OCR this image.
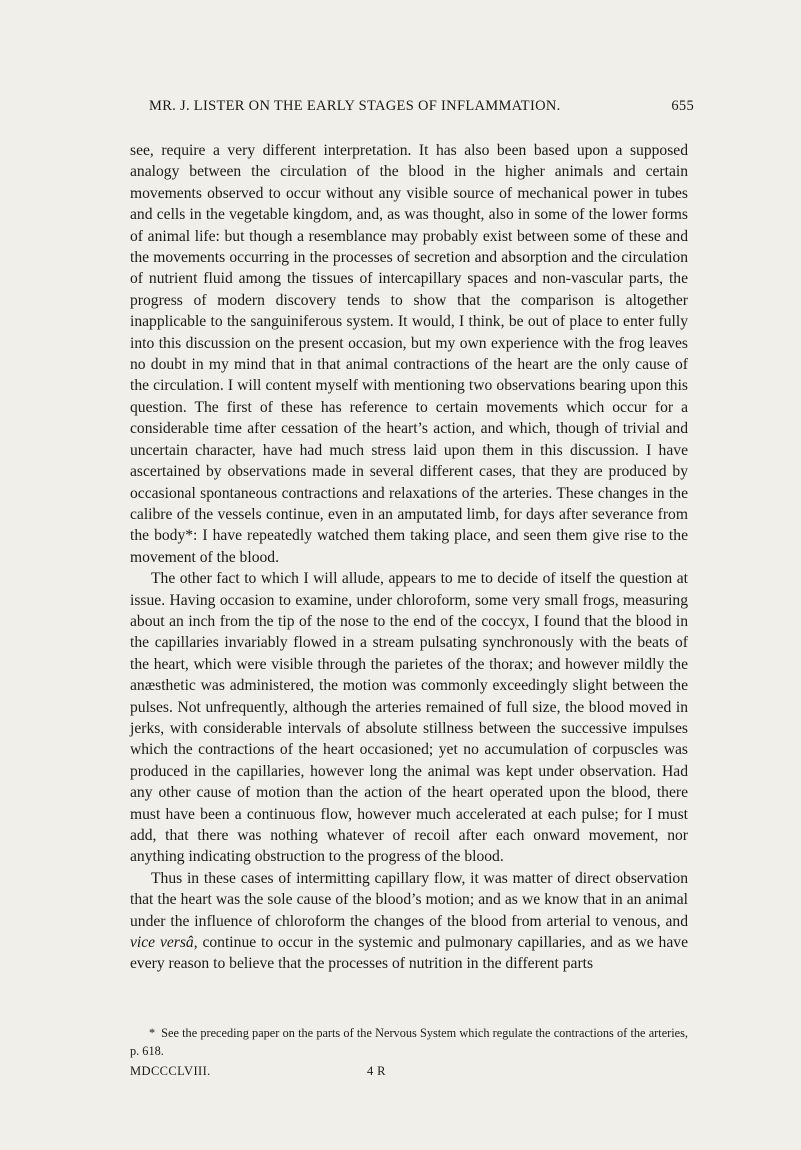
MR. J. LISTER ON THE EARLY STAGES OF INFLAMMATION.	655

see, require a very different interpretation. It has also been based upon a supposed analogy between the circulation of the blood in the higher animals and certain movements observed to occur without any visible source of mechanical power in tubes and cells in the vegetable kingdom, and, as was thought, also in some of the lower forms of animal life: but though a resemblance may probably exist between some of these and the movements occurring in the processes of secretion and absorption and the circulation of nutrient fluid among the tissues of intercapillary spaces and non-vascular parts, the progress of modern discovery tends to show that the comparison is altogether inapplicable to the sanguiniferous system. It would, I think, be out of place to enter fully into this discussion on the present occasion, but my own experience with the frog leaves no doubt in my mind that in that animal contractions of the heart are the only cause of the circulation. I will content myself with mentioning two observations bearing upon this question. The first of these has reference to certain movements which occur for a considerable time after cessation of the heart’s action, and which, though of trivial and uncertain character, have had much stress laid upon them in this discussion. I have ascertained by observations made in several different cases, that they are produced by occasional spontaneous contractions and relaxations of the arteries. These changes in the calibre of the vessels continue, even in an amputated limb, for days after severance from the body*: I have repeatedly watched them taking place, and seen them give rise to the movement of the blood.

The other fact to which I will allude, appears to me to decide of itself the question at issue. Having occasion to examine, under chloroform, some very small frogs, measuring about an inch from the tip of the nose to the end of the coccyx, I found that the blood in the capillaries invariably flowed in a stream pulsating synchronously with the beats of the heart, which were visible through the parietes of the thorax; and however mildly the anæsthetic was administered, the motion was commonly exceedingly slight between the pulses. Not unfrequently, although the arteries remained of full size, the blood moved in jerks, with considerable intervals of absolute stillness between the successive impulses which the contractions of the heart occasioned; yet no accumulation of corpuscles was produced in the capillaries, however long the animal was kept under observation. Had any other cause of motion than the action of the heart operated upon the blood, there must have been a continuous flow, however much accelerated at each pulse; for I must add, that there was nothing whatever of recoil after each onward movement, nor anything indicating obstruction to the progress of the blood.

Thus in these cases of intermitting capillary flow, it was matter of direct observation that the heart was the sole cause of the blood’s motion; and as we know that in an animal under the influence of chloroform the changes of the blood from arterial to venous, and vice versâ, continue to occur in the systemic and pulmonary capillaries, and as we have every reason to believe that the processes of nutrition in the different parts

* See the preceding paper on the parts of the Nervous System which regulate the contractions of the arteries, p. 618.
MDCCCLVIII.	4 R
